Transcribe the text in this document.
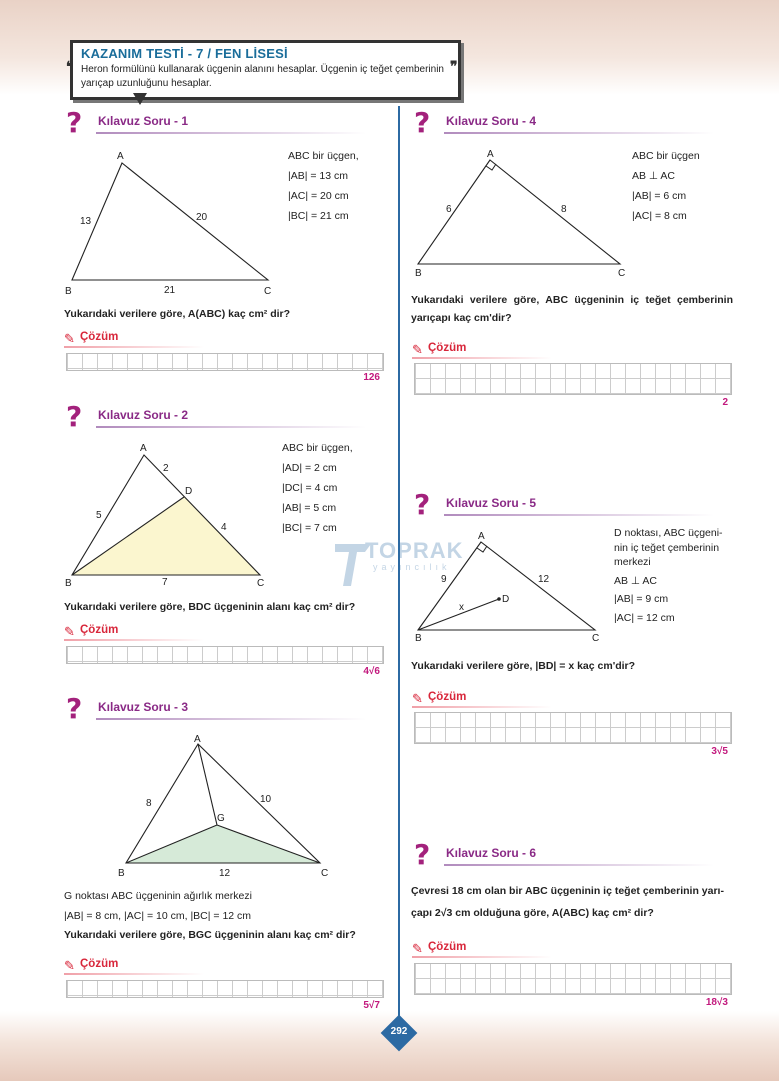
KAZANIM TESTİ - 7 / FEN LİSESİ
Heron formülünü kullanarak üçgenin alanını hesaplar. Üçgenin iç teğet çemberinin yarıçap uzunluğunu hesaplar.
❝	❞
? Kılavuz Soru - 1
A
B	C
13	20
21
ABC bir üçgen,
|AB| = 13 cm
|AC| = 20 cm
|BC| = 21 cm
Yukarıdaki verilere göre, A(ABC) kaç cm² dir?
✎ Çözüm
126
? Kılavuz Soru - 2
A
B	C
D
2
4
5
7
ABC bir üçgen,
|AD| = 2 cm
|DC| = 4 cm
|AB| = 5 cm
|BC| = 7 cm
Yukarıdaki verilere göre, BDC üçgeninin alanı kaç cm² dir?
✎ Çözüm
4√6
? Kılavuz Soru - 3
A
B	C
G
8	10
12
G noktası ABC üçgeninin ağırlık merkezi
|AB| = 8 cm, |AC| = 10 cm, |BC| = 12 cm
Yukarıdaki verilere göre, BGC üçgeninin alanı kaç cm² dir?
✎ Çözüm
5√7
? Kılavuz Soru - 4
A
B	C
6	8
ABC bir üçgen
AB ⊥ AC
|AB| = 6 cm
|AC| = 8 cm
Yukarıdaki verilere göre, ABC üçgeninin iç teğet çemberinin yarıçapı kaç cm'dir?
✎ Çözüm
2
TOPRAK
yayıncılık
? Kılavuz Soru - 5
A
B	C
D
9	12
x
D noktası, ABC üçgeni-
nin iç teğet çemberinin
merkezi
AB ⊥ AC
|AB| = 9 cm
|AC| = 12 cm
Yukarıdaki verilere göre, |BD| = x kaç cm'dir?
✎ Çözüm
3√5
? Kılavuz Soru - 6
Çevresi 18 cm olan bir ABC üçgeninin iç teğet çemberinin yarı-
çapı 2√3 cm olduğuna göre, A(ABC) kaç cm² dir?
✎ Çözüm
18√3
292
